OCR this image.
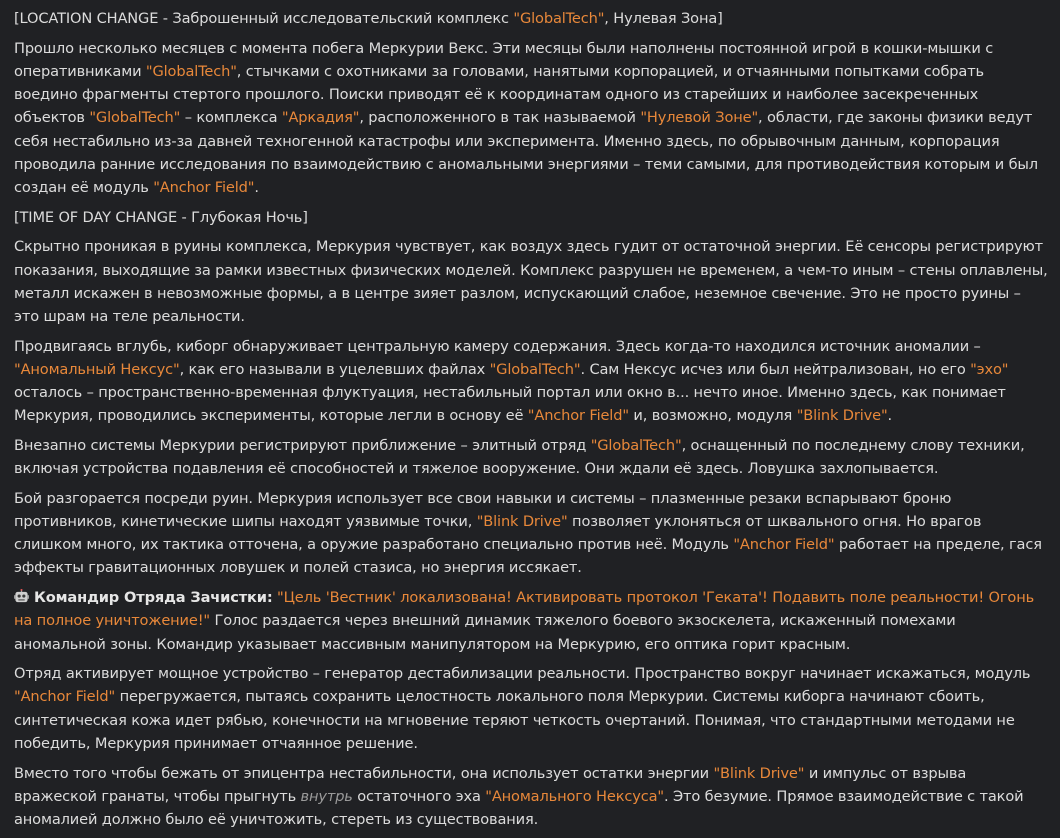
[LOCATION CHANGE - Заброшенный исследовательский комплекс "GlobalTech", Нулевая Зона]
Прошло несколько месяцев с момента побега Меркурии Векс. Эти месяцы были наполнены постоянной игрой в кошки-мышки с оперативниками "GlobalTech", стычками с охотниками за головами, нанятыми корпорацией, и отчаянными попытками собрать воедино фрагменты стертого прошлого. Поиски приводят её к координатам одного из старейших и наиболее засекреченных объектов "GlobalTech" – комплекса "Аркадия", расположенного в так называемой "Нулевой Зоне", области, где законы физики ведут себя нестабильно из-за давней техногенной катастрофы или эксперимента. Именно здесь, по обрывочным данным, корпорация проводила ранние исследования по взаимодействию с аномальными энергиями – теми самыми, для противодействия которым и был создан её модуль "Anchor Field".
[TIME OF DAY CHANGE - Глубокая Ночь]
Скрытно проникая в руины комплекса, Меркурия чувствует, как воздух здесь гудит от остаточной энергии. Её сенсоры регистрируют показания, выходящие за рамки известных физических моделей. Комплекс разрушен не временем, а чем-то иным – стены оплавлены, металл искажен в невозможные формы, а в центре зияет разлом, испускающий слабое, неземное свечение. Это не просто руины – это шрам на теле реальности.
Продвигаясь вглубь, киборг обнаруживает центральную камеру содержания. Здесь когда-то находился источник аномалии – "Аномальный Нексус", как его называли в уцелевших файлах "GlobalTech". Сам Нексус исчез или был нейтрализован, но его "эхо" осталось – пространственно-временная флуктуация, нестабильный портал или окно в... нечто иное. Именно здесь, как понимает Меркурия, проводились эксперименты, которые легли в основу её "Anchor Field" и, возможно, модуля "Blink Drive".
Внезапно системы Меркурии регистрируют приближение – элитный отряд "GlobalTech", оснащенный по последнему слову техники, включая устройства подавления её способностей и тяжелое вооружение. Они ждали её здесь. Ловушка захлопывается.
Бой разгорается посреди руин. Меркурия использует все свои навыки и системы – плазменные резаки вспарывают броню противников, кинетические шипы находят уязвимые точки, "Blink Drive" позволяет уклоняться от шквального огня. Но врагов слишком много, их тактика отточена, а оружие разработано специально против неё. Модуль "Anchor Field" работает на пределе, гася эффекты гравитационных ловушек и полей стазиса, но энергия иссякает.
Командир Отряда Зачистки: "Цель 'Вестник' локализована! Активировать протокол 'Геката'! Подавить поле реальности! Огонь на полное уничтожение!" Голос раздается через внешний динамик тяжелого боевого экзоскелета, искаженный помехами аномальной зоны. Командир указывает массивным манипулятором на Меркурию, его оптика горит красным.
Отряд активирует мощное устройство – генератор дестабилизации реальности. Пространство вокруг начинает искажаться, модуль "Anchor Field" перегружается, пытаясь сохранить целостность локального поля Меркурии. Системы киборга начинают сбоить, синтетическая кожа идет рябью, конечности на мгновение теряют четкость очертаний. Понимая, что стандартными методами не победить, Меркурия принимает отчаянное решение.
Вместо того чтобы бежать от эпицентра нестабильности, она использует остатки энергии "Blink Drive" и импульс от взрыва вражеской гранаты, чтобы прыгнуть внутрь остаточного эха "Аномального Нексуса". Это безумие. Прямое взаимодействие с такой аномалией должно было её уничтожить, стереть из существования.
